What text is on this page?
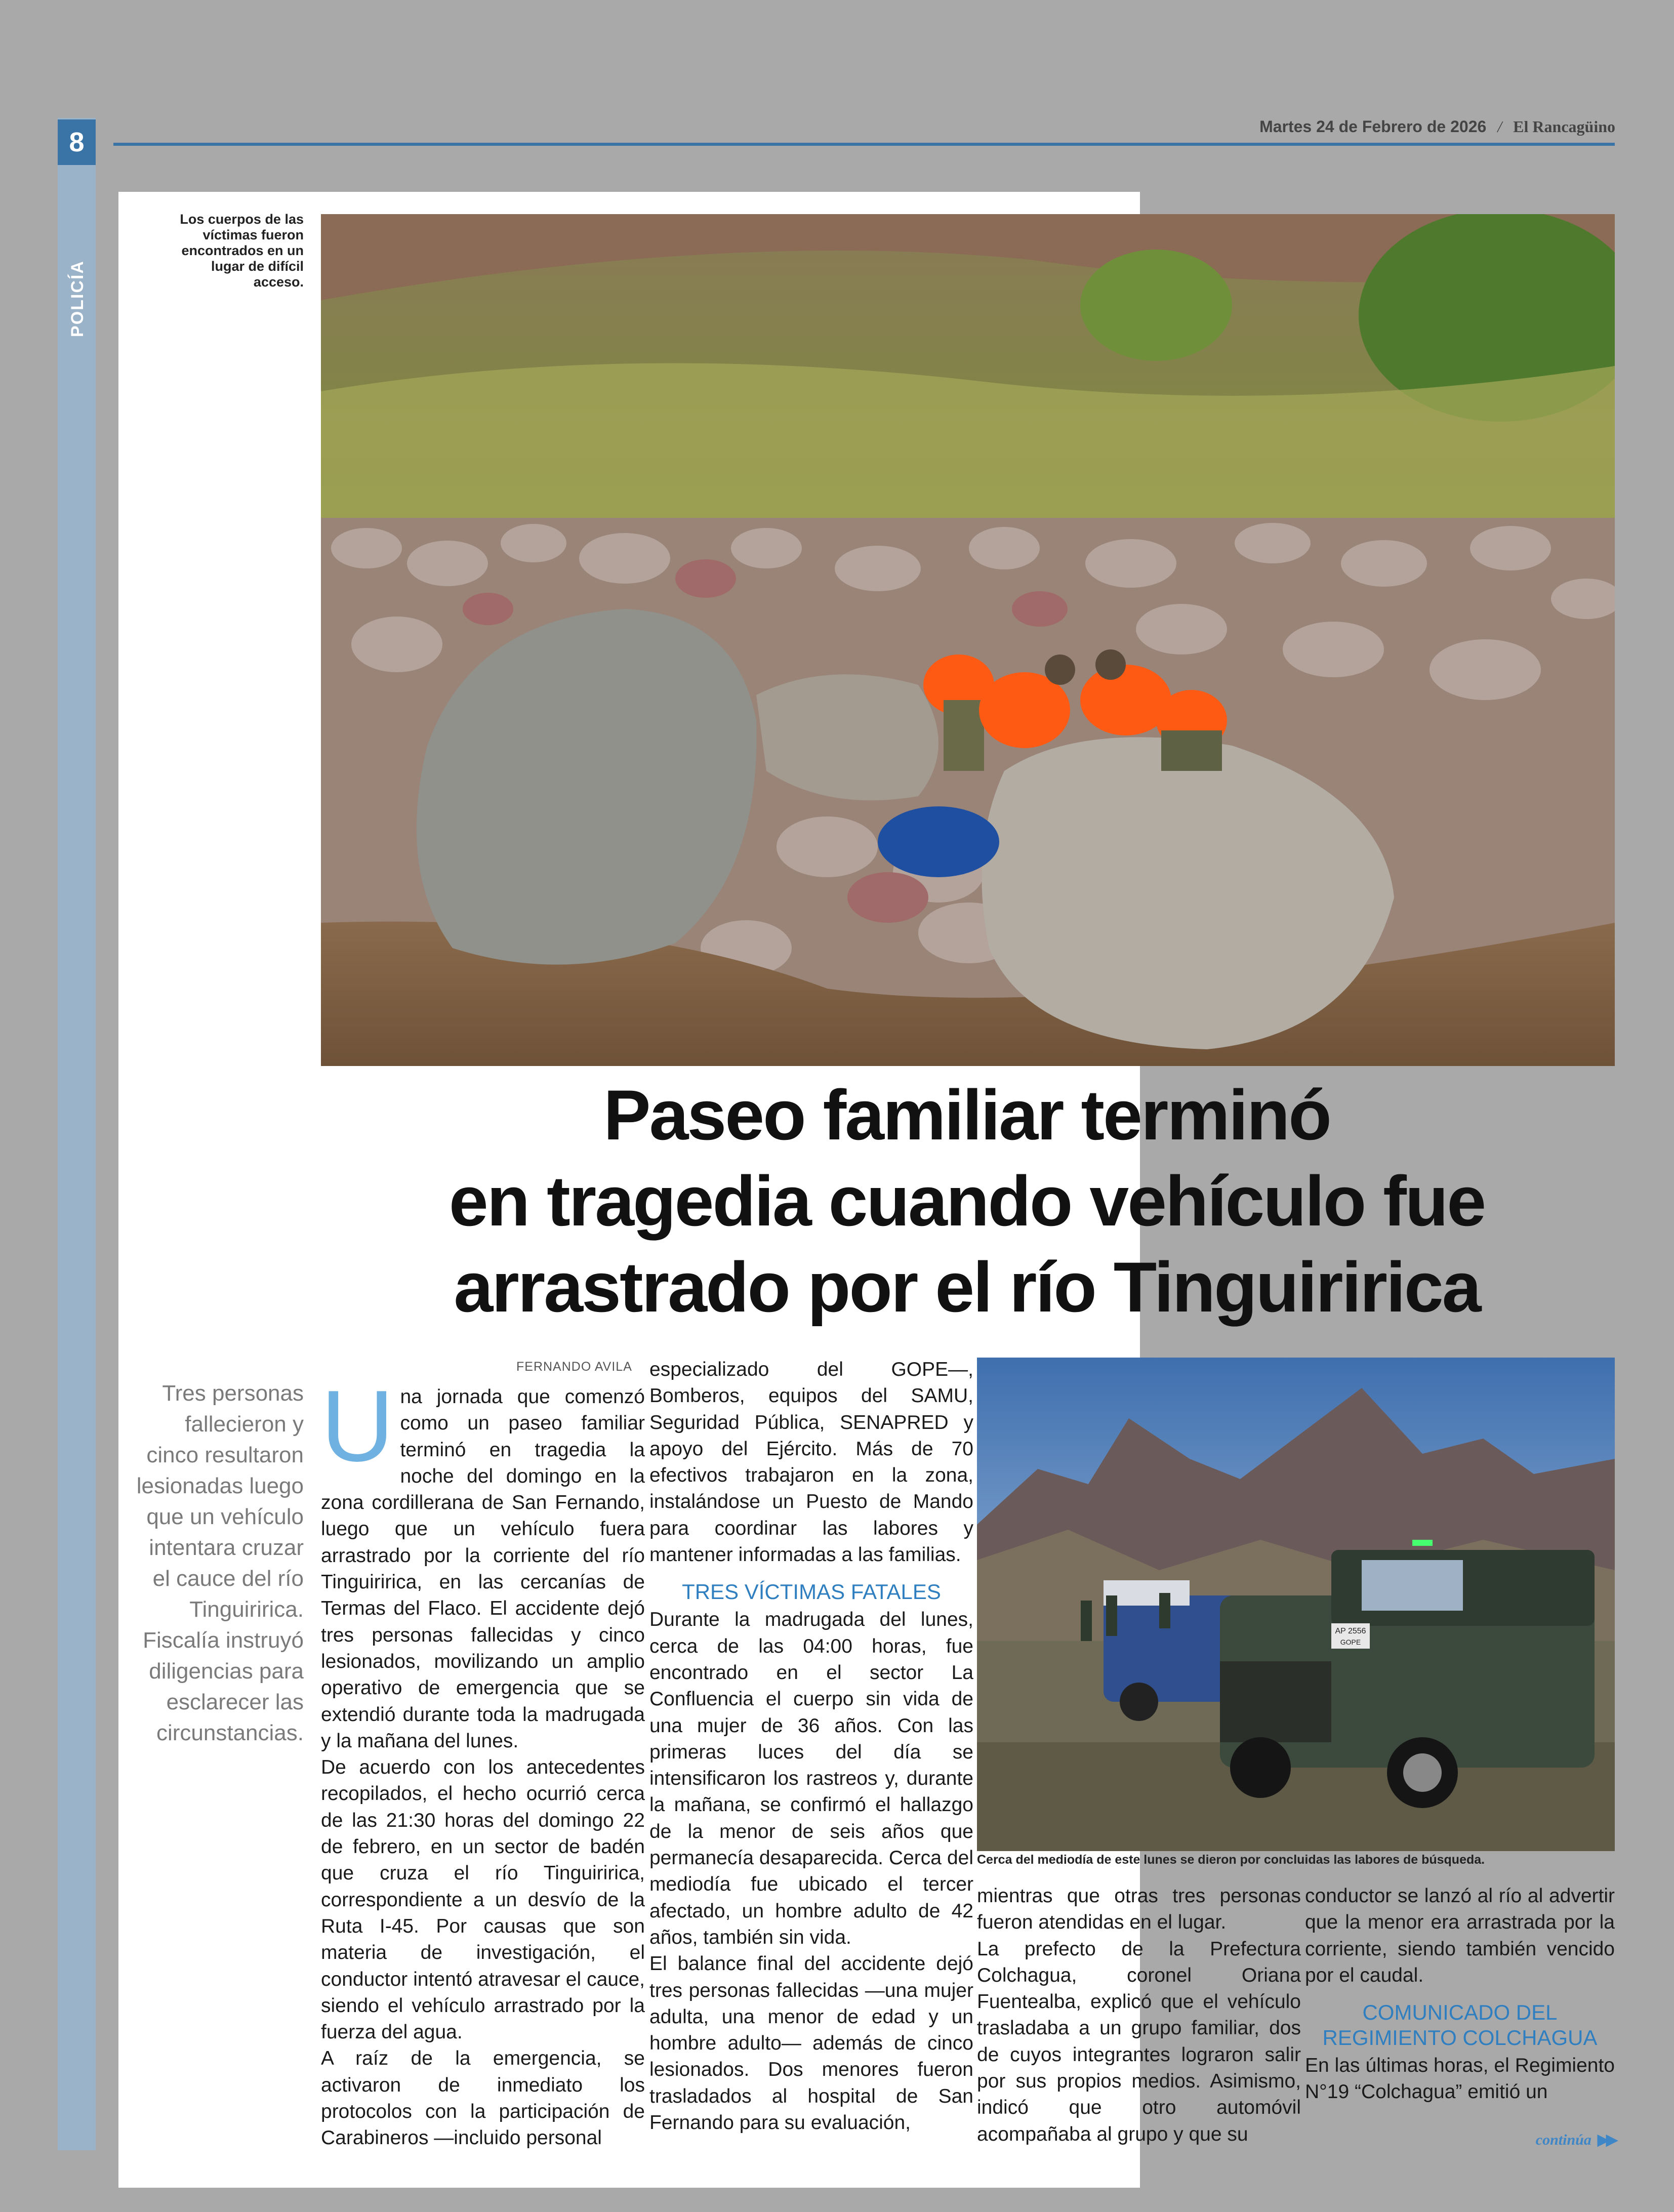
8
POLICÍA
Martes 24 de Febrero de 2026 / El Rancagüino
Los cuerpos de las víctimas fueron encontrados en un lugar de difícil acceso.
Paseo familiar terminó
en tragedia cuando vehículo fue
arrastrado por el río Tinguiririca
Tres personas fallecieron y cinco resultaron lesionadas luego que un vehículo intentara cruzar el cauce del río Tinguiririca. Fiscalía instruyó diligencias para esclarecer las circunstancias.
FERNANDO AVILA
U na jornada que comenzó como un paseo familiar terminó en tragedia la noche del domingo en la zona cordillerana de San Fernando, luego que un vehículo fuera arrastrado por la corriente del río Tinguiririca, en las cercanías de Termas del Flaco. El accidente dejó tres personas fallecidas y cinco lesionados, movilizando un amplio operativo de emergencia que se extendió durante toda la madrugada y la mañana del lunes.

De acuerdo con los antecedentes recopilados, el hecho ocurrió cerca de las 21:30 horas del domingo 22 de febrero, en un sector de badén que cruza el río Tinguiririca, correspondiente a un desvío de la Ruta I-45. Por causas que son materia de investigación, el conductor intentó atravesar el cauce, siendo el vehículo arrastrado por la fuerza del agua.

A raíz de la emergencia, se activaron de inmediato los protocolos con la participación de Carabineros —incluido personal

especializado del GOPE—, Bomberos, equipos del SAMU, Seguridad Pública, SENAPRED y apoyo del Ejército. Más de 70 efectivos trabajaron en la zona, instalándose un Puesto de Mando para coordinar las labores y mantener informadas a las familias.

TRES VÍCTIMAS FATALES

Durante la madrugada del lunes, cerca de las 04:00 horas, fue encontrado en el sector La Confluencia el cuerpo sin vida de una mujer de 36 años. Con las primeras luces del día se intensificaron los rastreos y, durante la mañana, se confirmó el hallazgo de la menor de seis años que permanecía desaparecida. Cerca del mediodía fue ubicado el tercer afectado, un hombre adulto de 42 años, también sin vida.

El balance final del accidente dejó tres personas fallecidas —una mujer adulta, una menor de edad y un hombre adulto— además de cinco lesionados. Dos menores fueron trasladados al hospital de San Fernando para su evaluación,

AP 2556
GOPE
Cerca del mediodía de este lunes se dieron por concluidas las labores de búsqueda.

mientras que otras tres personas fueron atendidas en el lugar.

La prefecto de la Prefectura Colchagua, coronel Oriana Fuentealba, explicó que el vehículo trasladaba a un grupo familiar, dos de cuyos integrantes lograron salir por sus propios medios. Asimismo, indicó que otro automóvil acompañaba al grupo y que su

conductor se lanzó al río al advertir que la menor era arrastrada por la corriente, siendo también vencido por el caudal.

COMUNICADO DEL REGIMIENTO COLCHAGUA

En las últimas horas, el Regimiento N°19 “Colchagua” emitió un

continúa ▶▶
